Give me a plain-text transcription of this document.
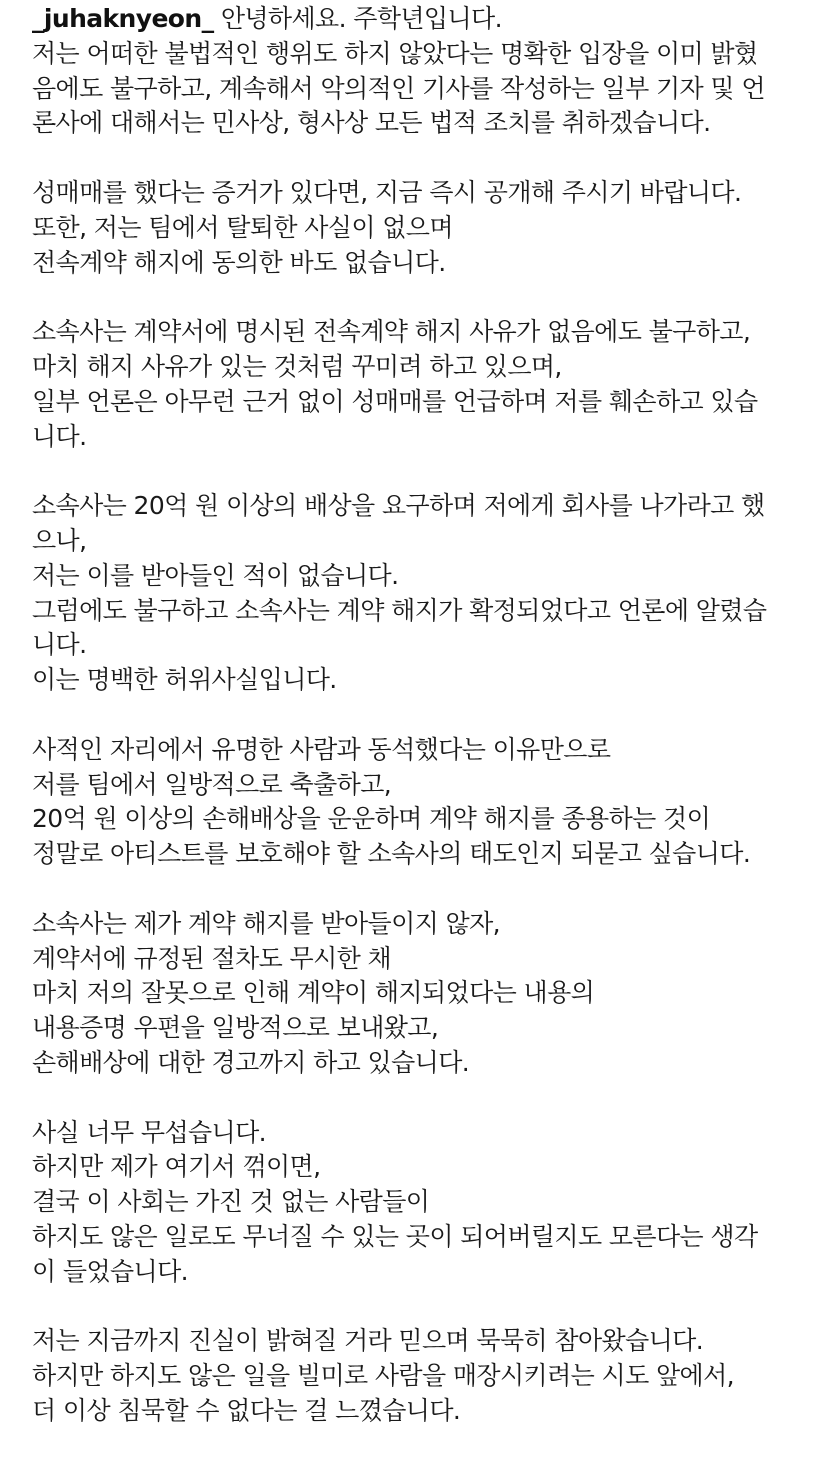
_juhaknyeon_ 안녕하세요. 주학년입니다.
저는 어떠한 불법적인 행위도 하지 않았다는 명확한 입장을 이미 밝혔
음에도 불구하고, 계속해서 악의적인 기사를 작성하는 일부 기자 및 언
론사에 대해서는 민사상, 형사상 모든 법적 조치를 취하겠습니다.
성매매를 했다는 증거가 있다면, 지금 즉시 공개해 주시기 바랍니다.
또한, 저는 팀에서 탈퇴한 사실이 없으며
전속계약 해지에 동의한 바도 없습니다.
소속사는 계약서에 명시된 전속계약 해지 사유가 없음에도 불구하고,
마치 해지 사유가 있는 것처럼 꾸미려 하고 있으며,
일부 언론은 아무런 근거 없이 성매매를 언급하며 저를 훼손하고 있습
니다.
소속사는 20억 원 이상의 배상을 요구하며 저에게 회사를 나가라고 했
으나,
저는 이를 받아들인 적이 없습니다.
그럼에도 불구하고 소속사는 계약 해지가 확정되었다고 언론에 알렸습
니다.
이는 명백한 허위사실입니다.
사적인 자리에서 유명한 사람과 동석했다는 이유만으로
저를 팀에서 일방적으로 축출하고,
20억 원 이상의 손해배상을 운운하며 계약 해지를 종용하는 것이
정말로 아티스트를 보호해야 할 소속사의 태도인지 되묻고 싶습니다.
소속사는 제가 계약 해지를 받아들이지 않자,
계약서에 규정된 절차도 무시한 채
마치 저의 잘못으로 인해 계약이 해지되었다는 내용의
내용증명 우편을 일방적으로 보내왔고,
손해배상에 대한 경고까지 하고 있습니다.
사실 너무 무섭습니다.
하지만 제가 여기서 꺾이면,
결국 이 사회는 가진 것 없는 사람들이
하지도 않은 일로도 무너질 수 있는 곳이 되어버릴지도 모른다는 생각
이 들었습니다.
저는 지금까지 진실이 밝혀질 거라 믿으며 묵묵히 참아왔습니다.
하지만 하지도 않은 일을 빌미로 사람을 매장시키려는 시도 앞에서,
더 이상 침묵할 수 없다는 걸 느꼈습니다.
